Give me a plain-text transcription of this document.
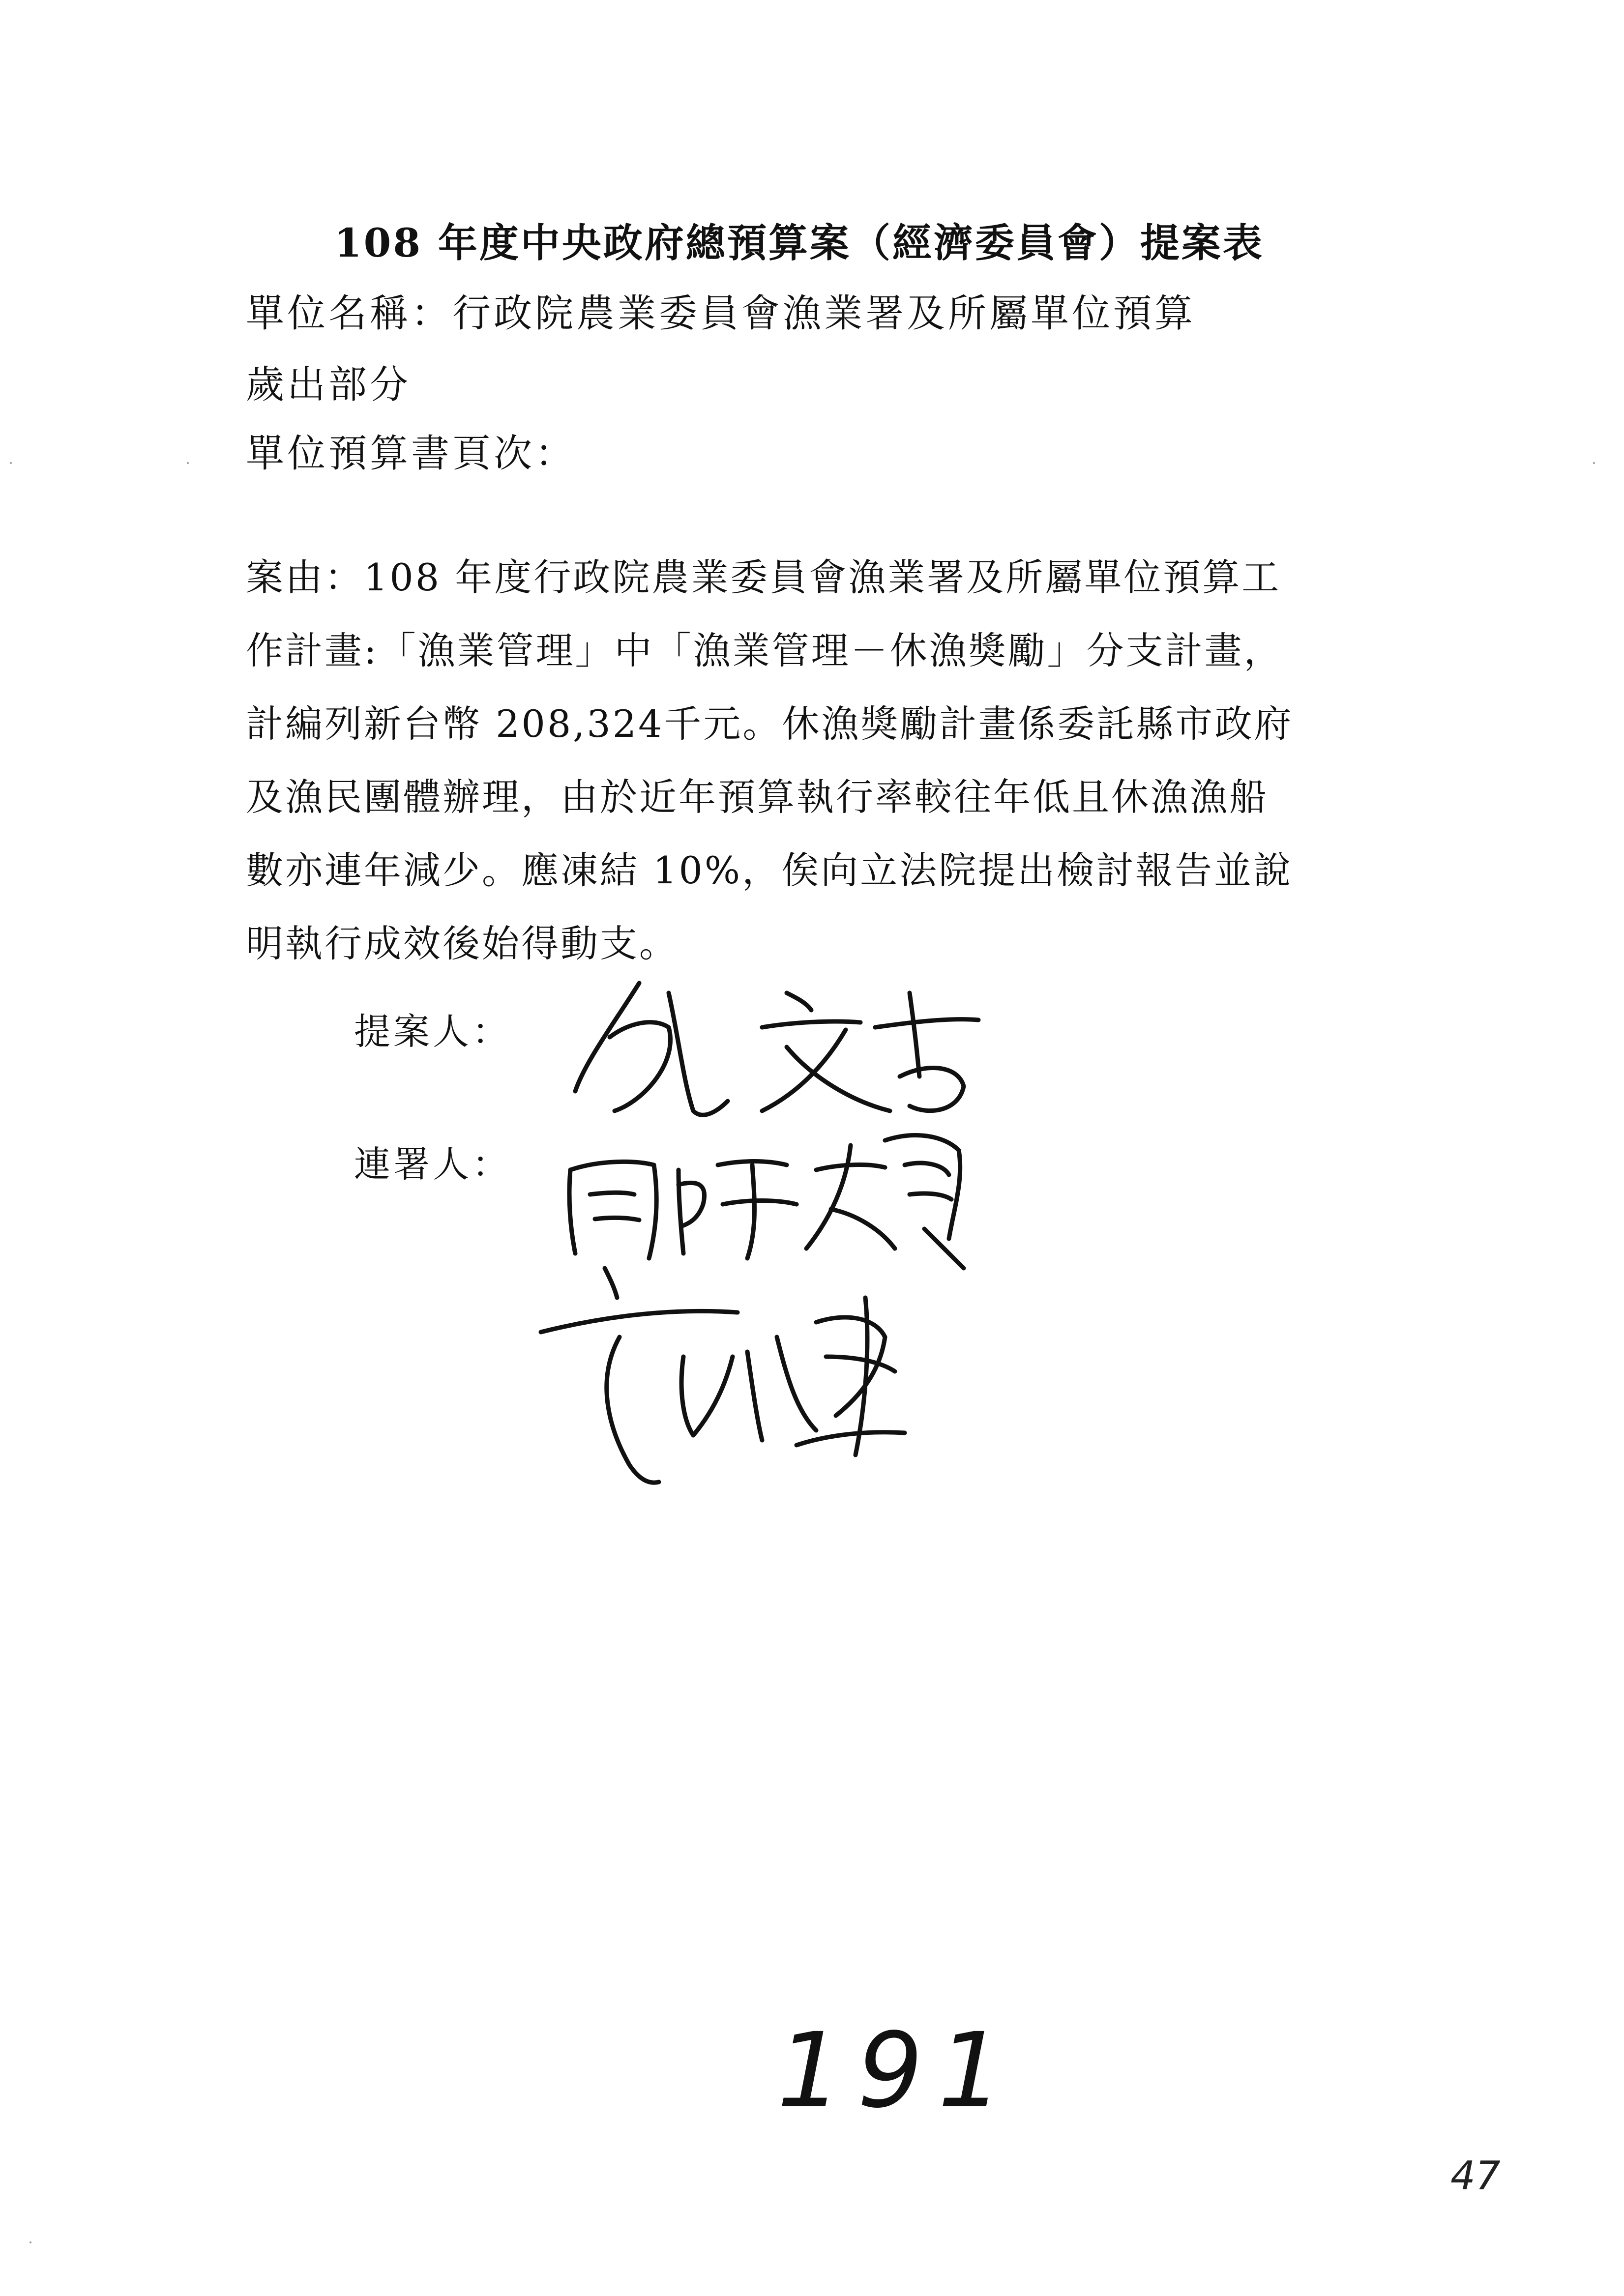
108 年度中央政府總預算案（經濟委員會）提案表
單位名稱：行政院農業委員會漁業署及所屬單位預算
歲出部分
單位預算書頁次：

案由：108 年度行政院農業委員會漁業署及所屬單位預算工

作計畫:「漁業管理」中「漁業管理－休漁獎勵」分支計畫，

計編列新台幣 208,324千元。休漁獎勵計畫係委託縣市政府

及漁民團體辦理，由於近年預算執行率較往年低且休漁漁船

數亦連年減少。應凍結 10%，俟向立法院提出檢討報告並說

明執行成效後始得動支。

提案人：
連署人：
191
47
